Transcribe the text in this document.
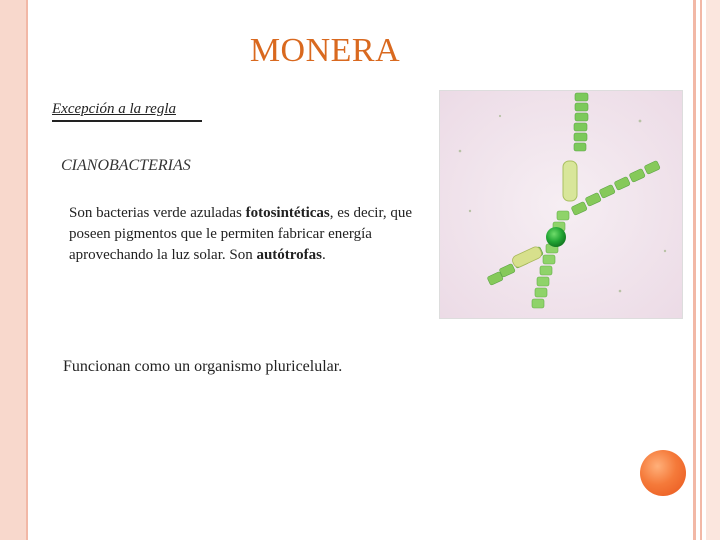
MONERA
Excepción a la regla
CIANOBACTERIAS
Son bacterias verde azuladas fotosintéticas, es decir, que poseen pigmentos que le permiten fabricar energía aprovechando la luz solar. Son autótrofas.
Funcionan como un organismo pluricelular.
